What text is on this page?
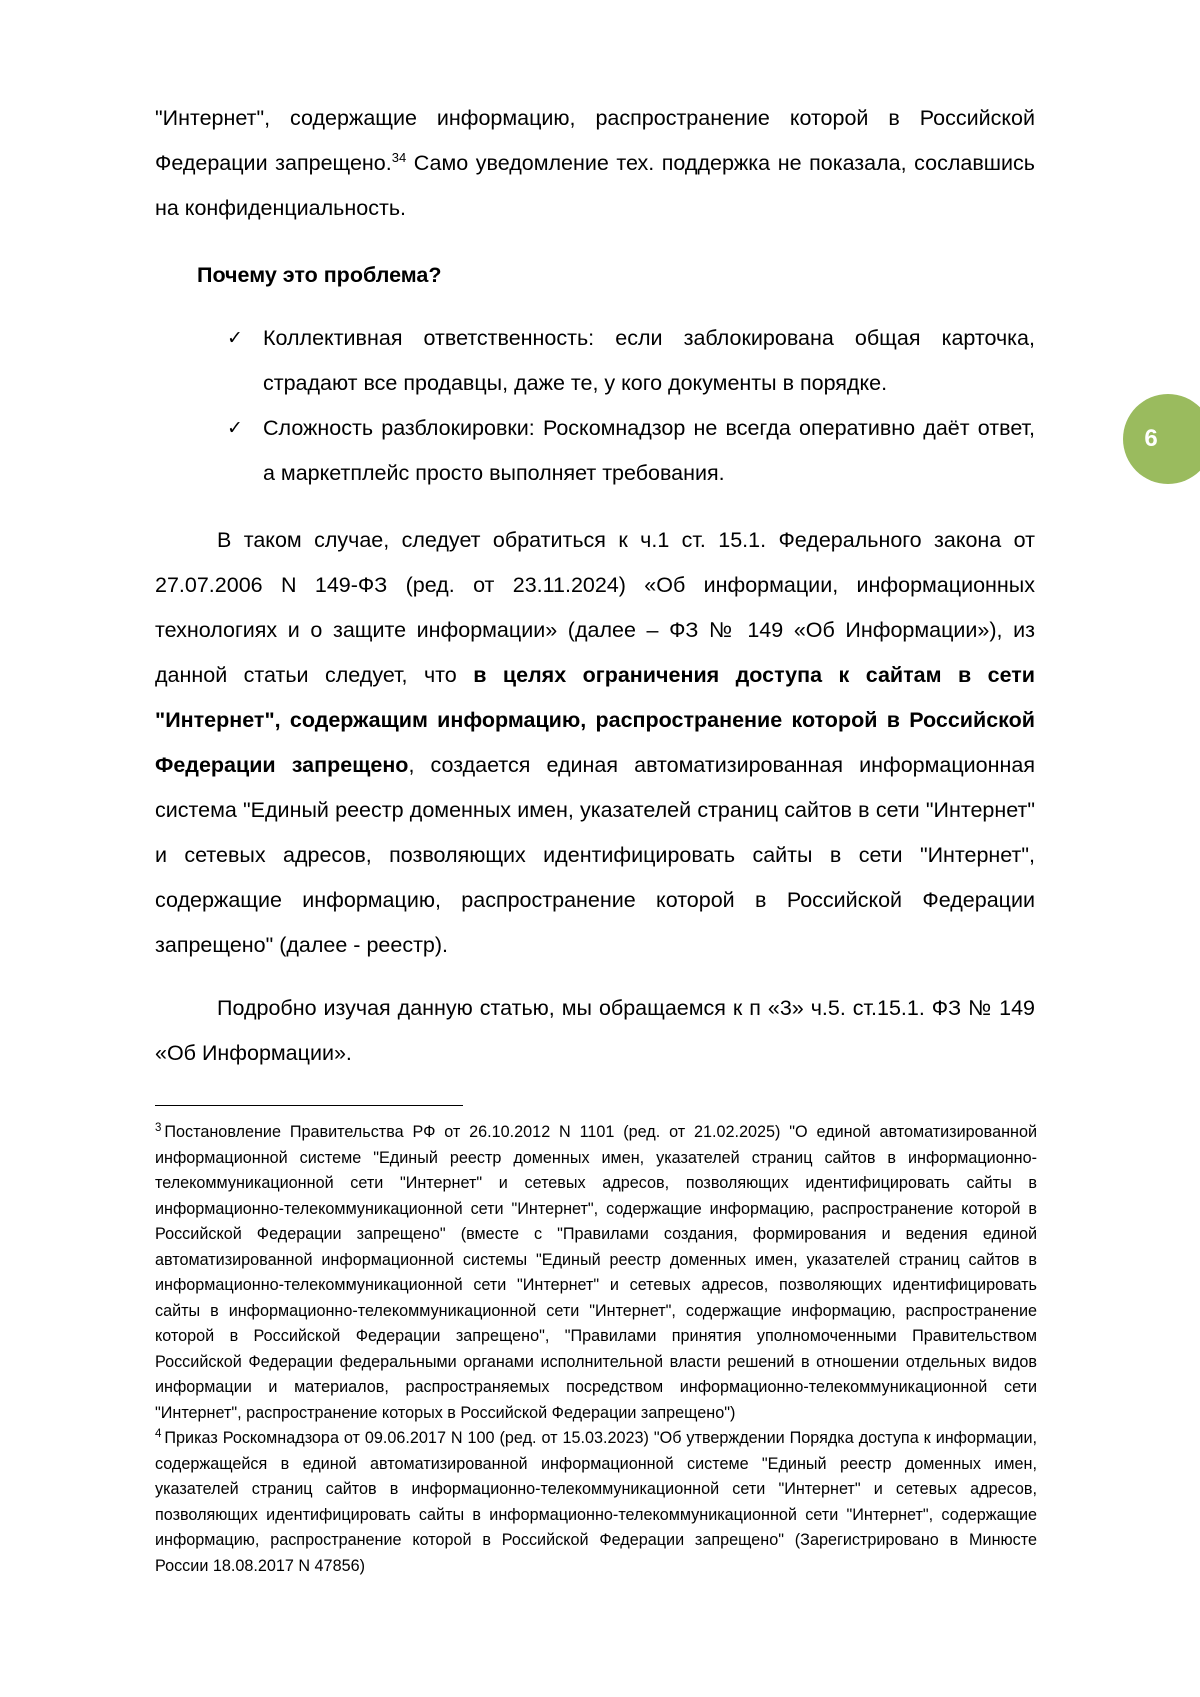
"Интернет", содержащие информацию, распространение которой в Российской Федерации запрещено.$^{34}$ Само уведомление тех. поддержка не показала, сославшись на конфиденциальность.

Почему это проблема?

✓ Коллективная ответственность: если заблокирована общая карточка, страдают все продавцы, даже те, у кого документы в порядке.
✓ Сложность разблокировки: Роскомнадзор не всегда оперативно даёт ответ, а маркетплейс просто выполняет требования.

В таком случае, следует обратиться к ч.1 ст. 15.1. Федерального закона от 27.07.2006 N 149-ФЗ (ред. от 23.11.2024) «Об информации, информационных технологиях и о защите информации» (далее – ФЗ № 149 «Об Информации»), из данной статьи следует, что в целях ограничения доступа к сайтам в сети "Интернет", содержащим информацию, распространение которой в Российской Федерации запрещено, создается единая автоматизированная информационная система "Единый реестр доменных имен, указателей страниц сайтов в сети "Интернет" и сетевых адресов, позволяющих идентифицировать сайты в сети "Интернет", содержащие информацию, распространение которой в Российской Федерации запрещено" (далее - реестр).

Подробно изучая данную статью, мы обращаемся к п «3» ч.5. ст.15.1. ФЗ № 149 «Об Информации».

6

$^3$ Постановление Правительства РФ от 26.10.2012 N 1101 (ред. от 21.02.2025) "О единой автоматизированной информационной системе "Единый реестр доменных имен, указателей страниц сайтов в информационно-телекоммуникационной сети "Интернет" и сетевых адресов, позволяющих идентифицировать сайты в информационно-телекоммуникационной сети "Интернет", содержащие информацию, распространение которой в Российской Федерации запрещено" (вместе с "Правилами создания, формирования и ведения единой автоматизированной информационной системы "Единый реестр доменных имен, указателей страниц сайтов в информационно-телекоммуникационной сети "Интернет" и сетевых адресов, позволяющих идентифицировать сайты в информационно-телекоммуникационной сети "Интернет", содержащие информацию, распространение которой в Российской Федерации запрещено", "Правилами принятия уполномоченными Правительством Российской Федерации федеральными органами исполнительной власти решений в отношении отдельных видов информации и материалов, распространяемых посредством информационно-телекоммуникационной сети "Интернет", распространение которых в Российской Федерации запрещено")

$^4$ Приказ Роскомнадзора от 09.06.2017 N 100 (ред. от 15.03.2023) "Об утверждении Порядка доступа к информации, содержащейся в единой автоматизированной информационной системе "Единый реестр доменных имен, указателей страниц сайтов в информационно-телекоммуникационной сети "Интернет" и сетевых адресов, позволяющих идентифицировать сайты в информационно-телекоммуникационной сети "Интернет", содержащие информацию, распространение которой в Российской Федерации запрещено" (Зарегистрировано в Минюсте России 18.08.2017 N 47856)
